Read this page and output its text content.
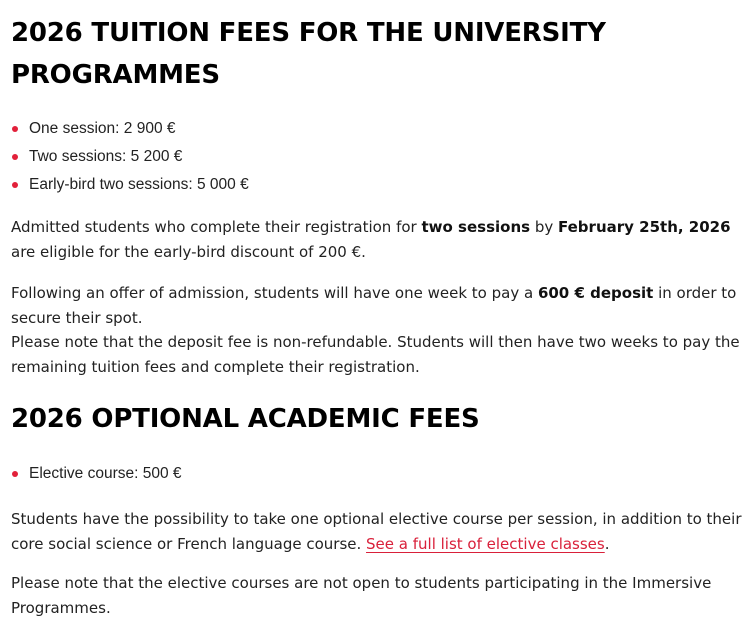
2026 TUITION FEES FOR THE UNIVERSITY PROGRAMMES
One session: 2 900 €
Two sessions: 5 200 €
Early-bird two sessions: 5 000 €

Admitted students who complete their registration for two sessions by February 25th, 2026 are eligible for the early-bird discount of 200 €.

Following an offer of admission, students will have one week to pay a 600 € deposit in order to secure their spot.
Please note that the deposit fee is non-refundable. Students will then have two weeks to pay the remaining tuition fees and complete their registration.

2026 OPTIONAL ACADEMIC FEES
Elective course: 500 €

Students have the possibility to take one optional elective course per session, in addition to their core social science or French language course. See a full list of elective classes.

Please note that the elective courses are not open to students participating in the Immersive Programmes.
